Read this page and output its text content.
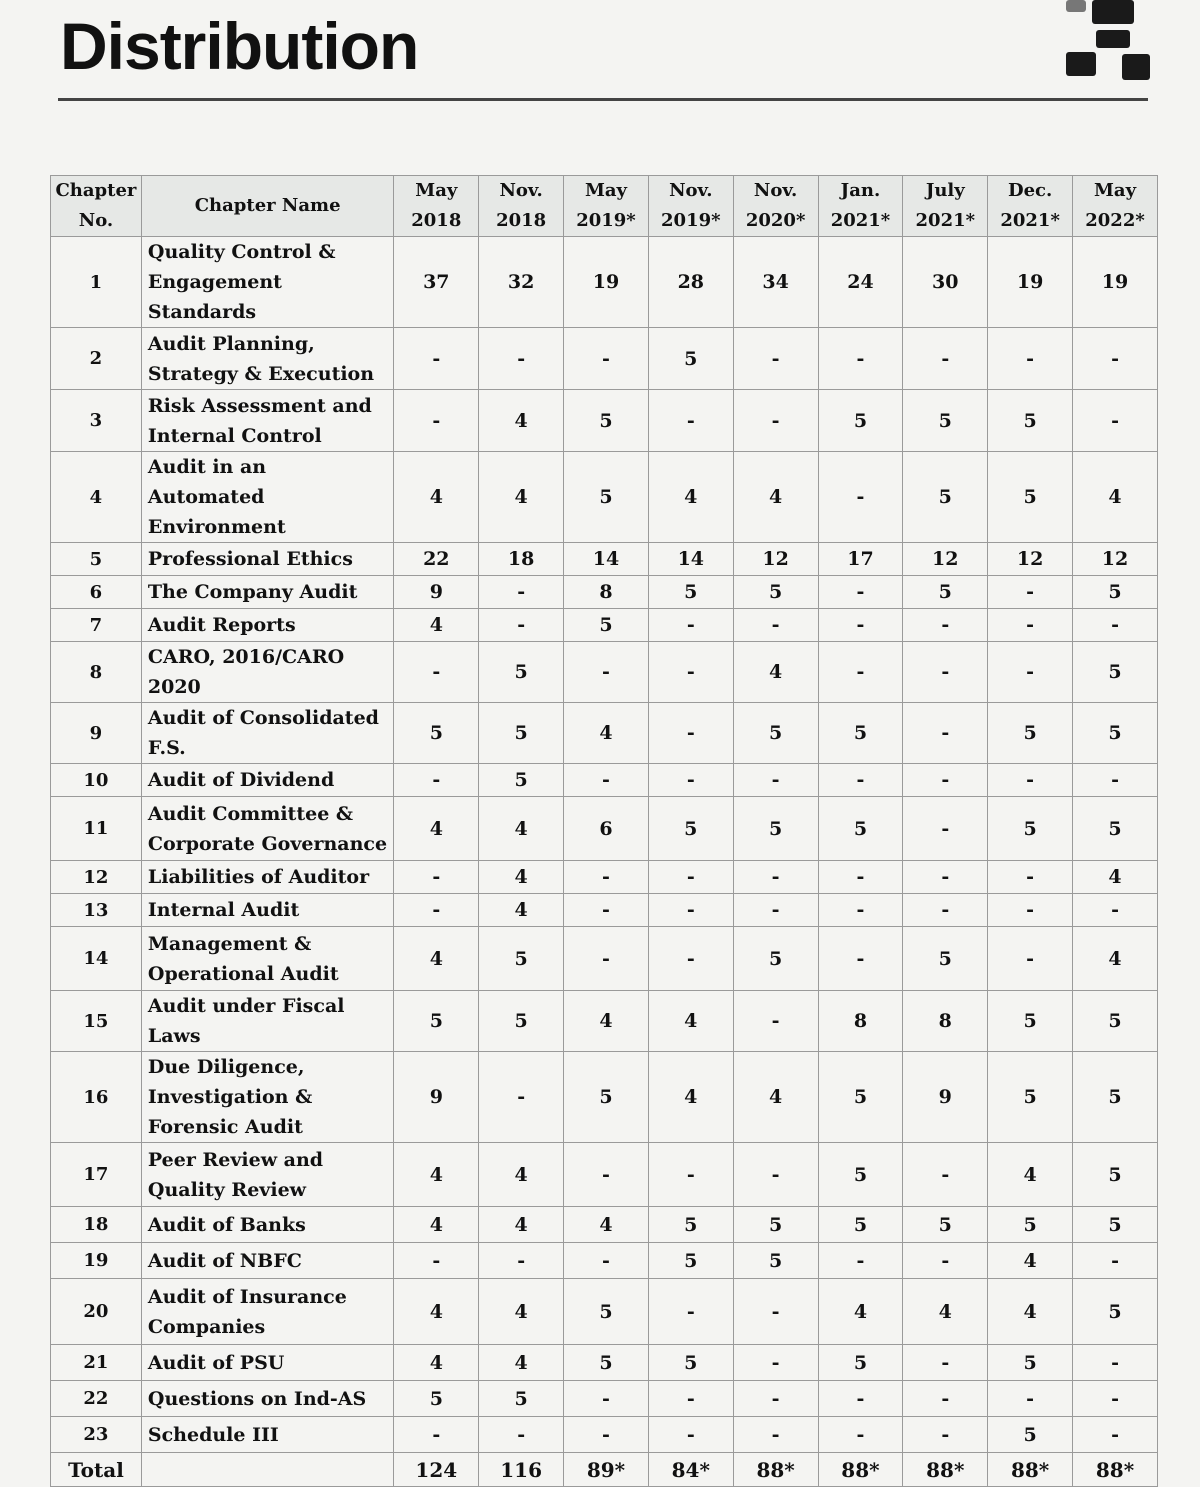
Distribution
Chapter No.	Chapter Name	May 2018	Nov. 2018	May 2019*	Nov. 2019*	Nov. 2020*	Jan. 2021*	July 2021*	Dec. 2021*	May 2022*
1	Quality Control & Engagement Standards	37	32	19	28	34	24	30	19	19
2	Audit Planning, Strategy & Execution	-	-	-	5	-	-	-	-	-
3	Risk Assessment and Internal Control	-	4	5	-	-	5	5	5	-
4	Audit in an Automated Environment	4	4	5	4	4	-	5	5	4
5	Professional Ethics	22	18	14	14	12	17	12	12	12
6	The Company Audit	9	-	8	5	5	-	5	-	5
7	Audit Reports	4	-	5	-	-	-	-	-	-
8	CARO, 2016/CARO 2020	-	5	-	-	4	-	-	-	5
9	Audit of Consolidated F.S.	5	5	4	-	5	5	-	5	5
10	Audit of Dividend	-	5	-	-	-	-	-	-	-
11	Audit Committee & Corporate Governance	4	4	6	5	5	5	-	5	5
12	Liabilities of Auditor	-	4	-	-	-	-	-	-	4
13	Internal Audit	-	4	-	-	-	-	-	-	-
14	Management & Operational Audit	4	5	-	-	5	-	5	-	4
15	Audit under Fiscal Laws	5	5	4	4	-	8	8	5	5
16	Due Diligence, Investigation & Forensic Audit	9	-	5	4	4	5	9	5	5
17	Peer Review and Quality Review	4	4	-	-	-	5	-	4	5
18	Audit of Banks	4	4	4	5	5	5	5	5	5
19	Audit of NBFC	-	-	-	5	5	-	-	4	-
20	Audit of Insurance Companies	4	4	5	-	-	4	4	4	5
21	Audit of PSU	4	4	5	5	-	5	-	5	-
22	Questions on Ind-AS	5	5	-	-	-	-	-	-	-
23	Schedule III	-	-	-	-	-	-	-	5	-
Total		124	116	89*	84*	88*	88*	88*	88*	88*
